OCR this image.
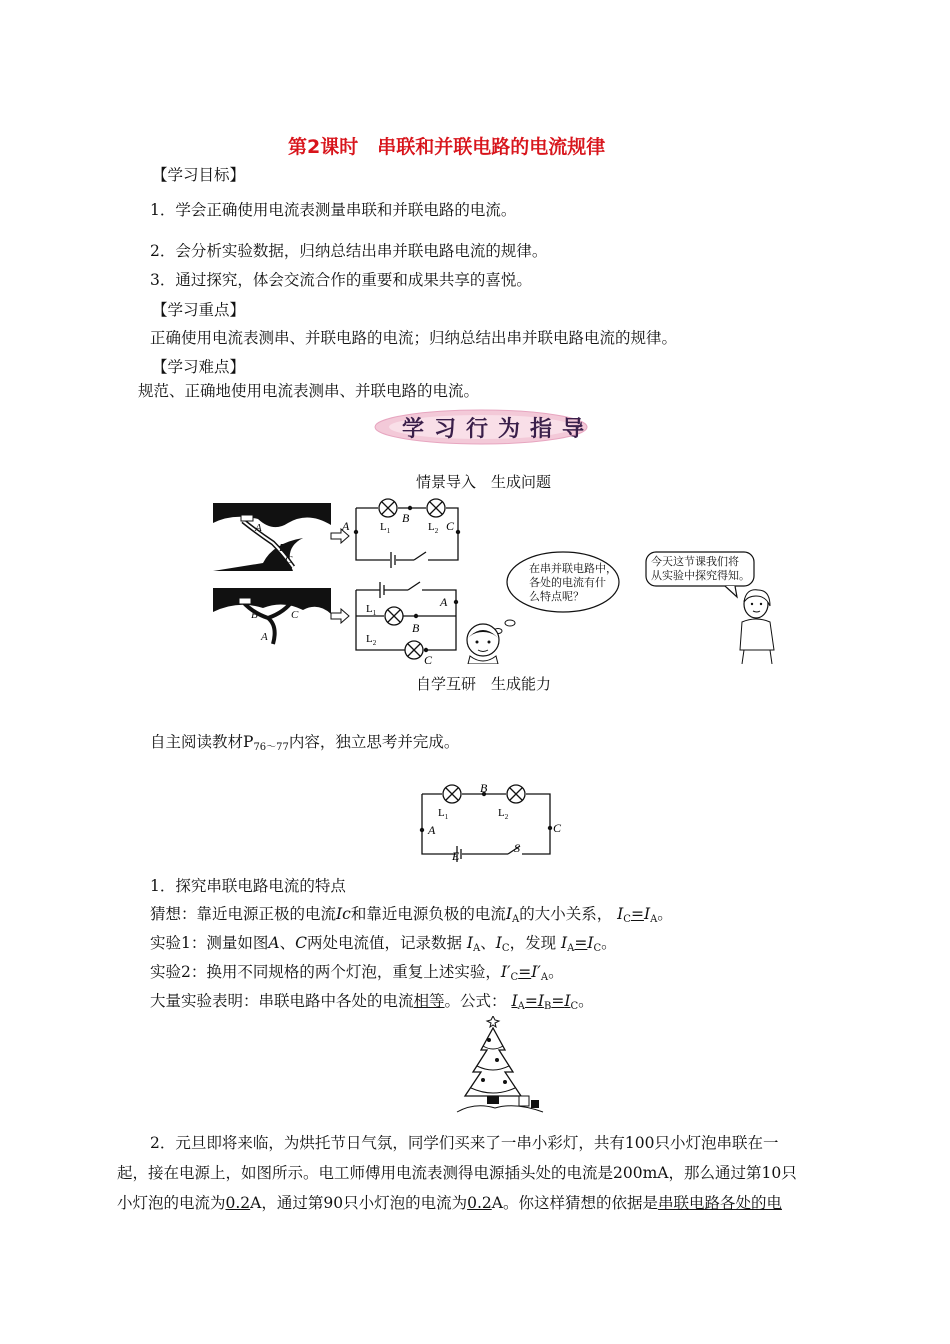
第2课时　串联和并联电路的电流规律
【学习目标】
1．学会正确使用电流表测量串联和并联电路的电流。
2．会分析实验数据，归纳总结出串并联电路电流的规律。
3．通过探究，体会交流合作的重要和成果共享的喜悦。
【学习重点】
正确使用电流表测串、并联电路的电流；归纳总结出串并联电路电流的规律。
【学习难点】
规范、正确地使用电流表测串、并联电路的电流。
学习行为指导
情景导入　生成问题
A
B
C
B	C
A
A
B
C
$L_1$	$L_2$
A
B
C
$L_1$
$L_2$
在串并联电路中，
各处的电流有什
么特点呢？
今天这节课我们将
从实验中探究得知。
自学互研　生成能力
自主阅读教材$P_{76\sim 77}$内容，独立思考并完成。
B
A	C
E
S
$L_1$	$L_2$
1．探究串联电路电流的特点
猜想：靠近电源正极的电流Ic和靠近电源负极的电流$I_A$的大小关系， $I_C=I_A$。
实验1：测量如图A、C两处电流值，记录数据 $I_A$、$I_C$，发现 $I_A=I_C$。
实验2：换用不同规格的两个灯泡，重复上述实验，$I'_C=I'_A$。
大量实验表明：串联电路中各处的电流相等。公式： $I_A=I_B=I_C$。
2．元旦即将来临，为烘托节日气氛，同学们买来了一串小彩灯，共有100只小灯泡串联在一
起，接在电源上，如图所示。电工师傅用电流表测得电源插头处的电流是200mA，那么通过第10只
小灯泡的电流为0.2A，通过第90只小灯泡的电流为0.2A。你这样猜想的依据是串联电路各处的电
